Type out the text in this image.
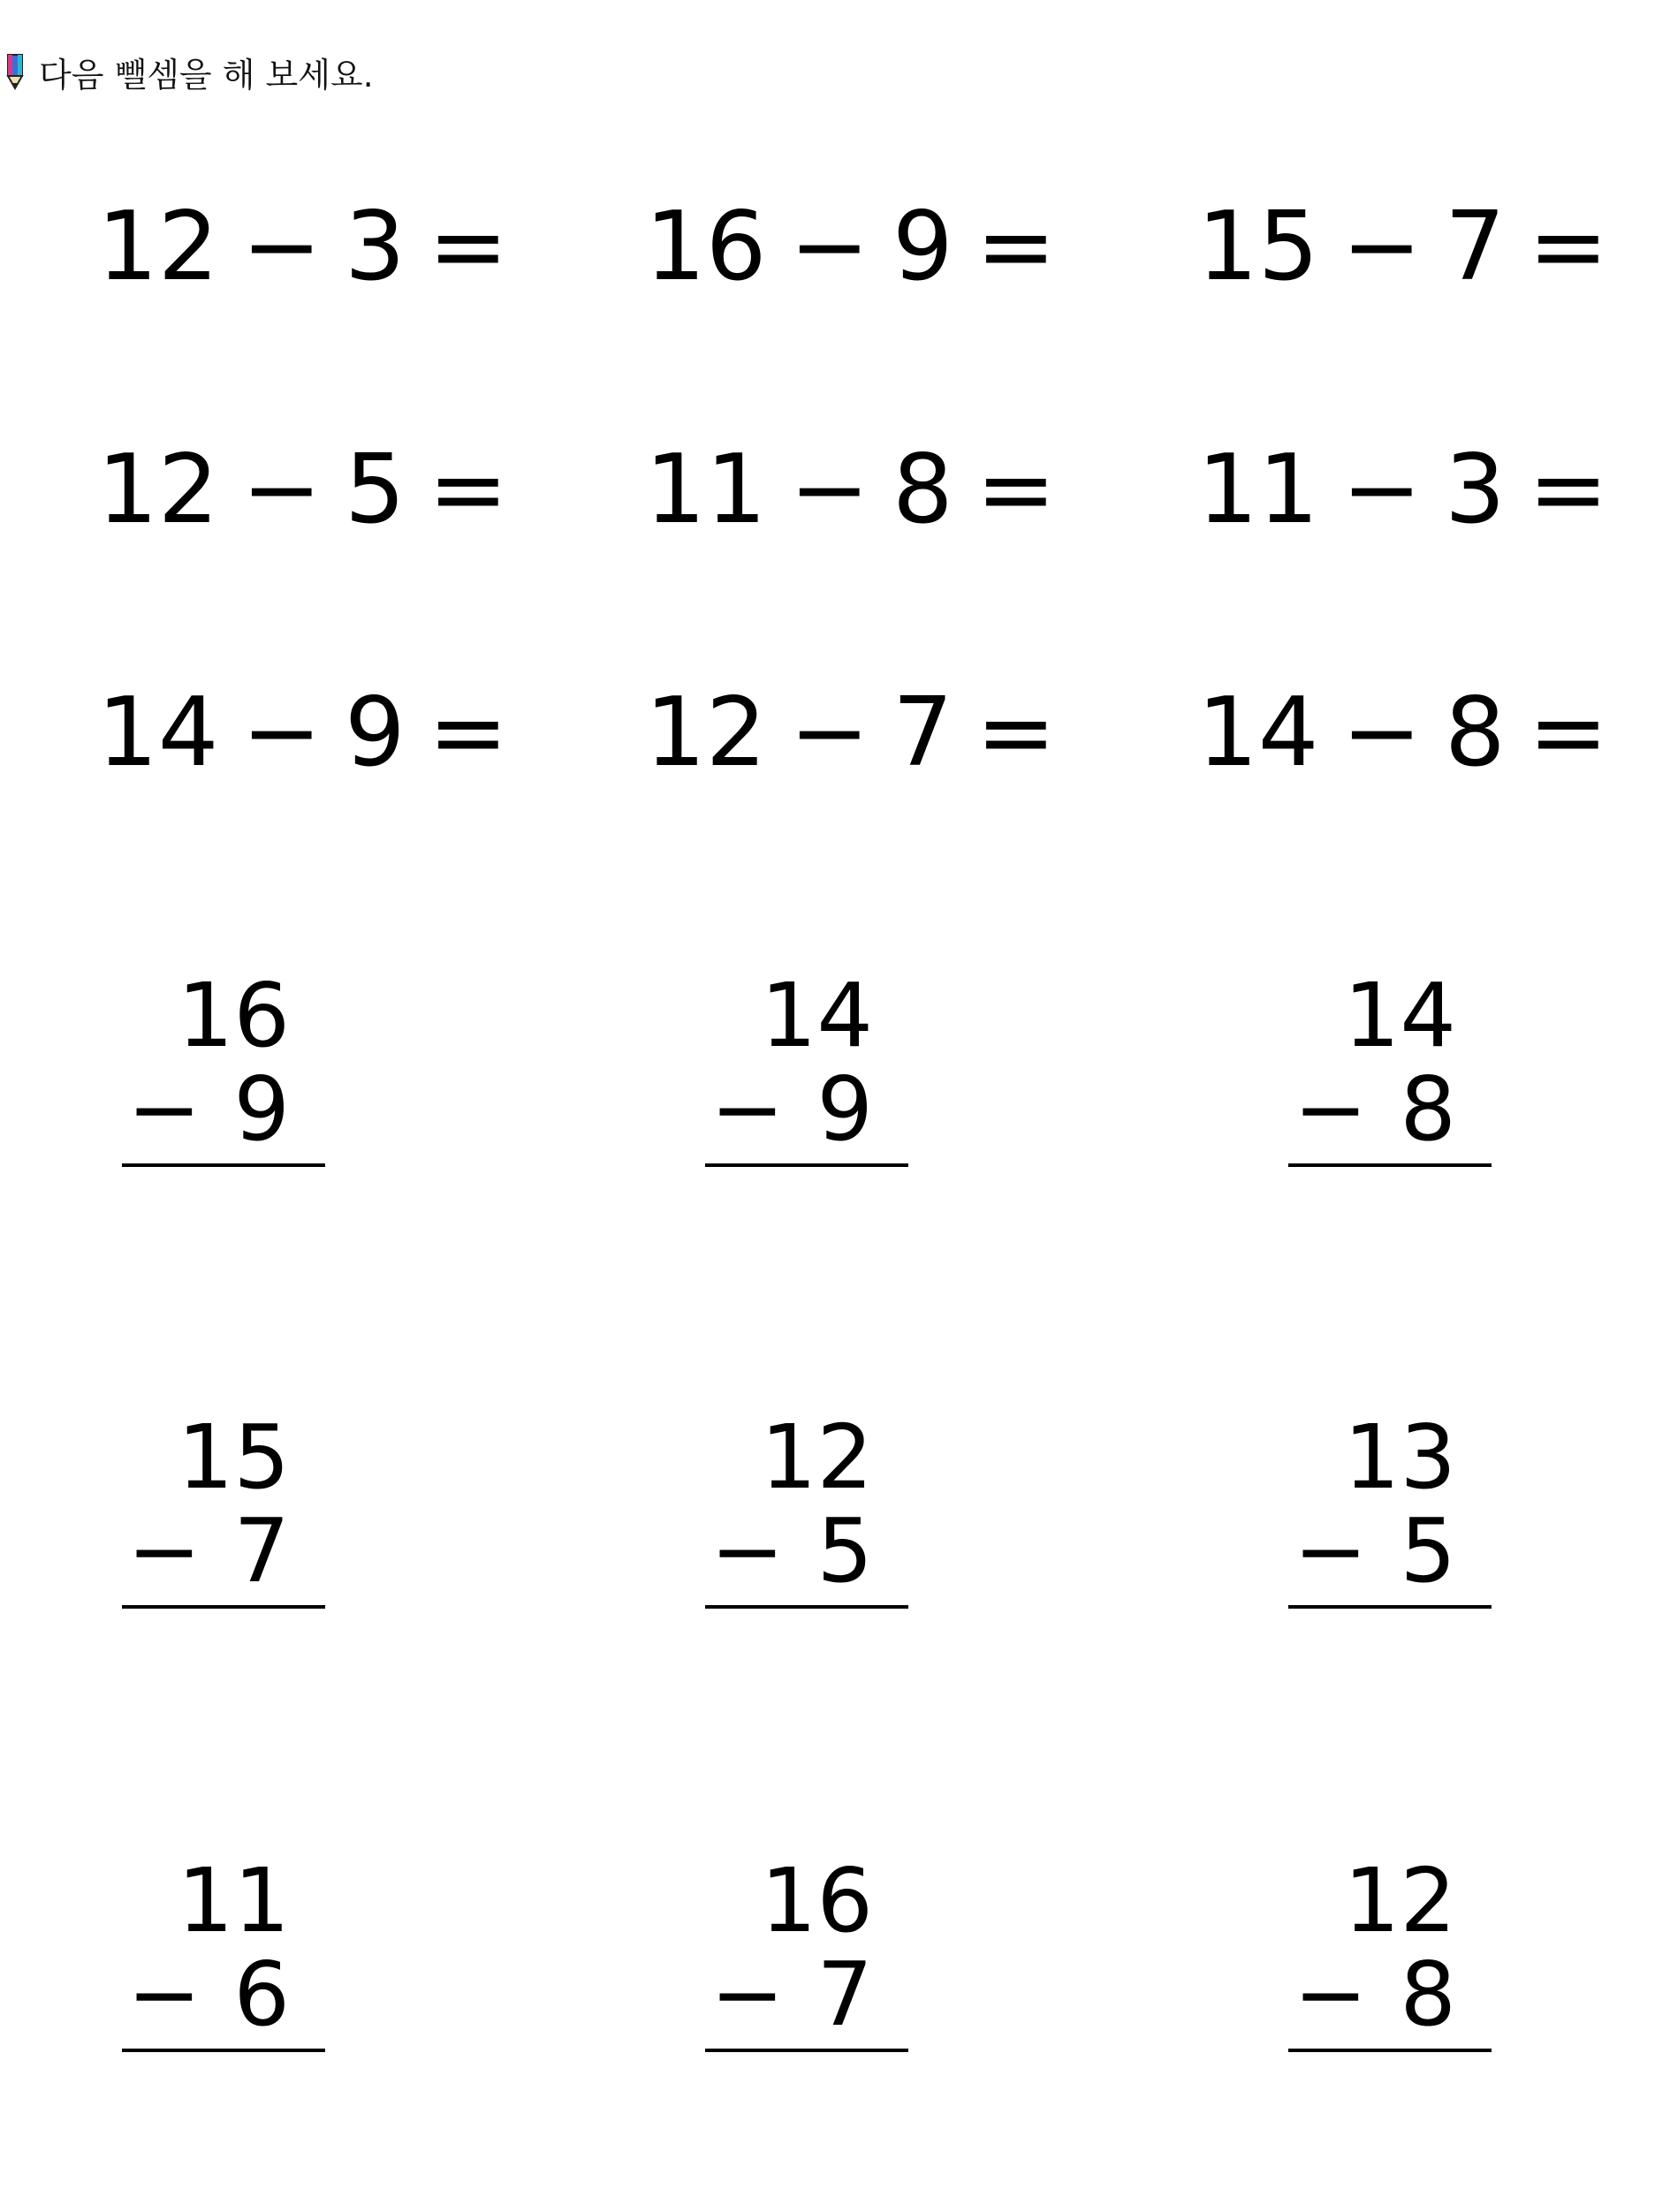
다음 뺄셈을 해 보세요.
12 − 3 = 16 − 9 = 15 − 7 =
12 − 5 = 11 − 8 = 11 − 3 =
14 − 9 = 12 − 7 = 14 − 8 =
16
− 9
14
− 9
14
− 8
15
− 7
12
− 5
13
− 5
11
− 6
16
− 7
12
− 8
